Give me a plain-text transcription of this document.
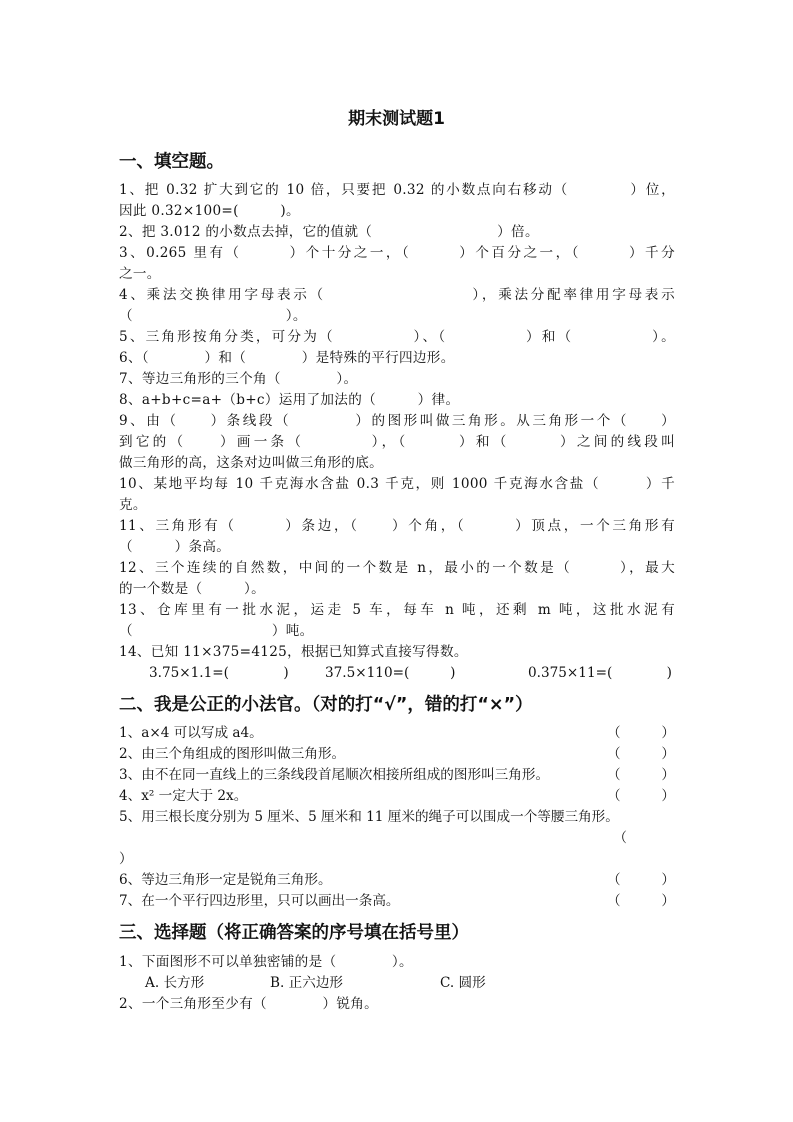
期末测试题1
一、填空题。
1、把 0.32 扩大到它的 10 倍，只要把 0.32 的小数点向右移动（　　　　）位，
因此 0.32×100=(　　　)。
2、把 3.012 的小数点去掉，它的值就（　　　　　　　　　）倍。
3、0.265 里有（　　　）个十分之一，（　　　）个百分之一，（　　　）千分
之一。
4、乘法交换律用字母表示（　　　　　　　　　），乘法分配率律用字母表示
（　　　　　　　　　　　）。
5、三角形按角分类，可分为（　　　　　）、（　　　　　）和（　　　　　）。
6、（　　　　）和（　　　　）是特殊的平行四边形。
7、等边三角形的三个角（　　　　）。
8、a+b+c=a+（b+c）运用了加法的（　　　）律。
9、由（　　）条线段（　　　　）的图形叫做三角形。从三角形一个（　　）
到它的（　　）画一条（　　　　），（　　　）和（　　　）之间的线段叫
做三角形的高，这条对边叫做三角形的底。
10、某地平均每 10 千克海水含盐 0.3 千克，则 1000 千克海水含盐（　　　）千
克。
11、三角形有（　　　）条边，（　　）个角，（　　　）顶点，一个三角形有
（　　　）条高。
12、三个连续的自然数，中间的一个数是 n，最小的一个数是（　　　），最大
的一个数是（　　　）。
13、仓库里有一批水泥，运走 5 车，每车 n 吨，还剩 m 吨，这批水泥有
（　　　　　　　　　　）吨。
14、已知 11×375=4125，根据已知算式直接写得数。
3.75×1.1=(　　　　)	37.5×110=(　　　)	0.375×11=(　　　　)
二、我是公正的小法官。（对的打“√”，错的打“×”）
1、a×4 可以写成 a4。	（　　　）
2、由三个角组成的图形叫做三角形。	（　　　）
3、由不在同一直线上的三条线段首尾顺次相接所组成的图形叫三角形。	（　　　）
4、x² 一定大于 2x。	（　　　）
5、用三根长度分别为 5 厘米、5 厘米和 11 厘米的绳子可以围成一个等腰三角形。
（
）
6、等边三角形一定是锐角三角形。	（　　　）
7、在一个平行四边形里，只可以画出一条高。	（　　　）
三、选择题（将正确答案的序号填在括号里）
1、下面图形不可以单独密铺的是（　　　　）。
A. 长方形	B. 正六边形	C. 圆形
2、一个三角形至少有（　　　　）锐角。
